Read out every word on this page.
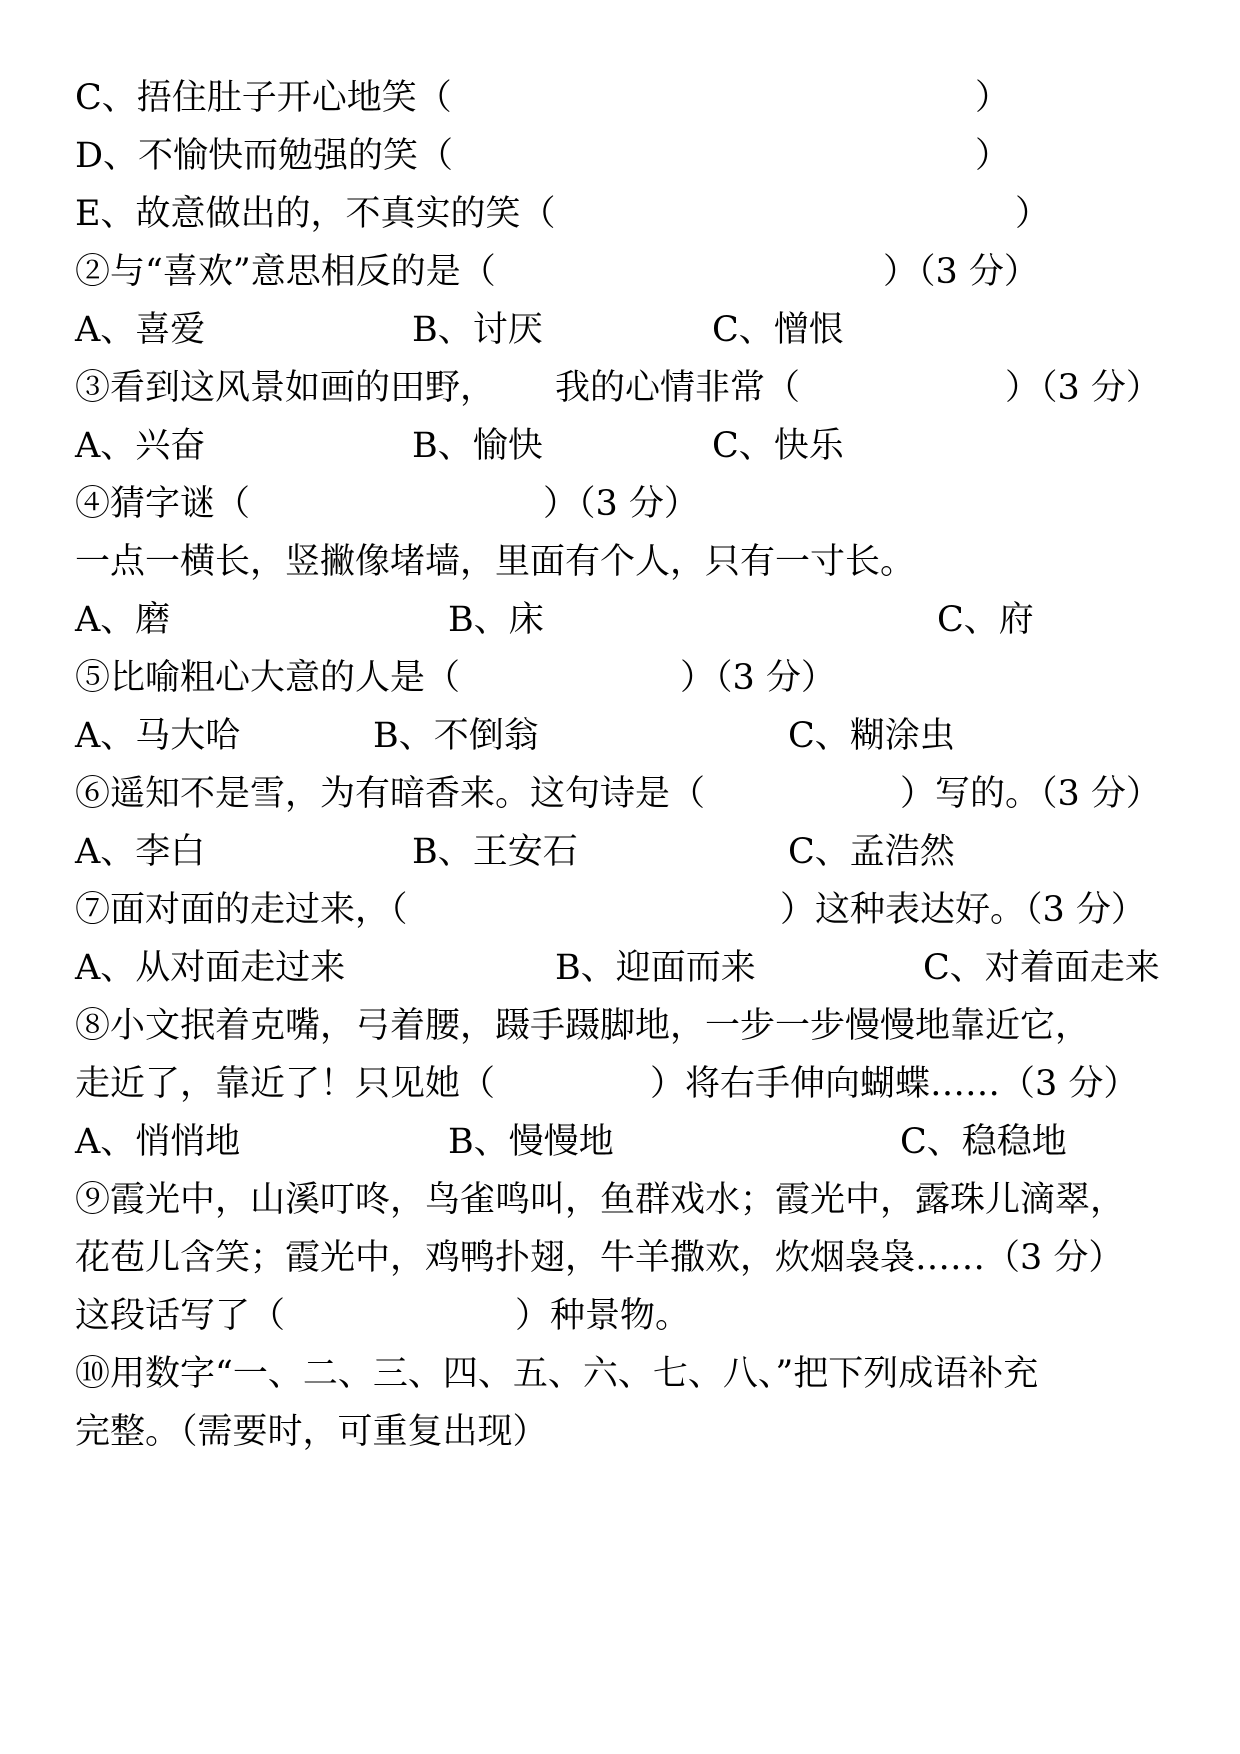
C、捂住肚子开心地笑（

	）

D、不愉快而勉强的笑（

	）

E、故意做出的，不真实的笑（

	）

②与“喜欢”意思相反的是（

	）（3 分）

A、喜爱

	B、讨厌

	C、憎恨

③看到这风景如画的田野，

我的心情非常（

	）（3 分）

A、兴奋

	B、愉快

	C、快乐

④猜字谜（

	）（3 分）

一点一横长，竖撇像堵墙，里面有个人，只有一寸长。

A、磨

	B、床

	C、府

⑤比喻粗心大意的人是（

	）（3 分）

A、马大哈

	B、不倒翁

	C、糊涂虫

⑥遥知不是雪，为有暗香来。这句诗是（

	）写的。（3 分）

A、李白

	B、王安石

	C、孟浩然

⑦面对面的走过来，（

	）这种表达好。（3 分）

A、从对面走过来

	B、迎面而来

	C、对着面走来

⑧小文抿着克嘴，弓着腰，蹑手蹑脚地，一步一步慢慢地靠近它，

走近了，靠近了！只见她（

	）将右手伸向蝴蝶……（3 分）

A、悄悄地

	B、慢慢地

	C、稳稳地

⑨霞光中，山溪叮咚，鸟雀鸣叫，鱼群戏水；霞光中，露珠儿滴翠，

花苞儿含笑；霞光中，鸡鸭扑翅，牛羊撒欢，炊烟袅袅……（3 分）

这段话写了（

	）种景物。

⑩用数字“一、二、三、四、五、六、七、八、”把下列成语补充

完整。（需要时，可重复出现）
